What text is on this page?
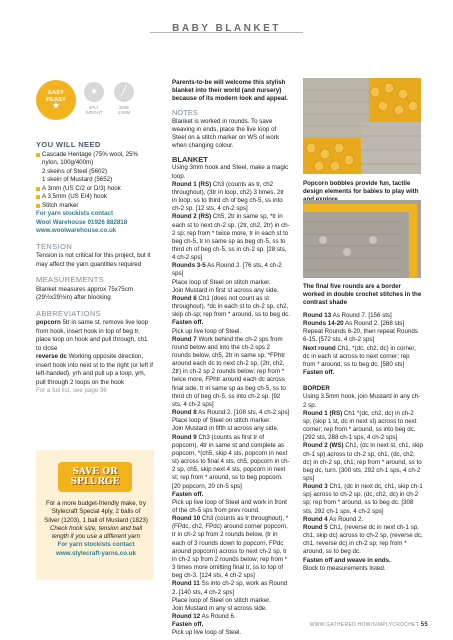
BABY BLANKET
EASY
PEASY
★
●
4PLY
WEIGHT
╱
3MM/
3.5MM
YOU WILL NEED
Cascade Heritage (75% wool, 25% nylon, 100g/400m)
2 skeins of Steel (5602)
1 skein of Mustard (5652)
A 3mm (US C/2 or D/3) hook
A 3.5mm (US E/4) hook
Stitch marker
For yarn stockists contact
Wool Warehouse 01926 882818
www.woolwarehouse.co.uk
TENSION
Tension is not critical for this project, but it may affect the yarn quantities required
MEASUREMENTS
Blanket measures approx 75x75cm (29½x29½in) after blocking
ABBREVIATIONS
popcorn 5tr in same st, remove live loop from hook, insert hook in top of beg tr, place loop on hook and pull through, ch1 to close
reverse dc Working opposite direction, insert hook into next st to the right (or left if left-handed), yrh and pull up a loop, yrh, pull through 2 loops on the hook
For a full list, see page 96
SAVE OR
SPLURGE
For a more budget-friendly make, try Stylecraft Special 4ply, 2 balls of Silver (1203), 1 ball of Mustard (1823)
Check hook size, tension and ball length if you use a different yarn
For yarn stockists contact
www.stylecraft-yarns.co.uk

Parents-to-be will welcome this stylish blanket into their world (and nursery) because of its modern look and appeal.

NOTES

Blanket is worked in rounds. To save weaving in ends, place the live loop of Steel on a stitch marker on WS of work when changing colour.

BLANKET

Using 3mm hook and Steel, make a magic loop.

Round 1 (RS) Ch3 (counts as tr, ch2 throughout), (3tr in loop, ch2) 3 times, 2tr in loop, ss to third ch of beg ch-5, ss into ch-2 sp. [12 sts, 4 ch-2 sps]

Round 2 (RS) Ch5, 2tr in same sp, *tr in each st to next ch-2 sp, (2tr, ch2, 2tr) in ch-2 sp; rep from * twice more, tr in each st to beg ch-5, tr in same sp as beg ch-5, ss to third ch of beg ch-5, ss in ch-2 sp. [28 sts, 4 ch-2 sps]

Rounds 3-5 As Round 2. [76 sts, 4 ch-2 sps]

Place loop of Steel on stitch marker.

Join Mustard in first st across any side.

Round 6 Ch1 (does not count as st throughout), *dc in each st to ch-2 sp, ch2, skip ch-sp; rep from * around, ss to beg dc.

Fasten off.

Pick up live loop of Steel.

Round 7 Work behind the ch-2 sps from round below and into the ch-2 sps 2 rounds below, ch5, 2tr in same sp, *FPhtr around each dc to next ch-2 sp, (2tr, ch2, 2tr) in ch-2 sp 2 rounds below; rep from * twice more, FPhtr around each dc across final side, tr in same sp as beg ch-5, ss to third ch of beg ch-5, ss into ch-2 sp. [92 sts, 4 ch-2 sps]

Round 8 As Round 2. [108 sts, 4 ch-2 sps]

Place loop of Steel on stitch marker.

Join Mustard in fifth st across any side.

Round 9 Ch3 (counts as first tr of popcorn), 4tr in same st and complete as popcorn, *(ch5, skip 4 sts, popcorn in next st) across to final 4 sts, ch5, popcorn in ch-2 sp, ch5, skip next 4 sts, popcorn in next st; rep from * around, ss to beg popcorn. [20 popcorn, 20 ch-5 sps]

Fasten off.

Pick up live loop of Steel and work in front of the ch-5 sps from prev round.

Round 10 Ch3 (counts as tr throughout), *(FPdc, ch2, FPdc) around corner popcorn, tr in ch-2 sp from 2 rounds below, (tr in each of 3 rounds down to popcorn, FPdc around popcorn) across to next ch-2 sp, tr in ch-2 sp from 2 rounds below; rep from * 3 times more omitting final tr, ss to top of beg ch-3. [124 sts, 4 ch-2 sps]

Round 11 Ss into ch-2 sp, work as Round 2. [140 sts, 4 ch-2 sps]

Place loop of Steel on stitch marker.

Join Mustard in any st across side.

Round 12 As Round 6.

Fasten off.

Pick up live loop of Steel.

Popcorn bobbles provide fun, tactile design elements for babies to play with

The final five rounds are a border worked in double crochet stitches in the contrast shade

Round 13 As Round 7. [156 sts]

Rounds 14-20 As Round 2. [268 sts]

Repeat Rounds 6-20, then repeat Rounds 6-15. [572 sts, 4 ch-2 sps]

Next round Ch1, *(dc, ch2, dc) in corner, dc in each st across to next corner; rep from * around, ss to beg dc. [580 sts]

Fasten off.

BORDER

Using 3.5mm hook, join Mustard in any ch-2 sp.

Round 1 (RS) Ch1 *(dc, ch2, dc) in ch-2 sp, (skip 1 st, dc in next st) across to next corner; rep from * around, ss into beg dc. [292 sts, 288 ch-1 sps, 4 ch-2 sps]

Round 2 (WS) Ch1, (dc in next st, ch1, skip ch-1 sp) across to ch-2 sp, ch1, (dc, ch2, dc) in ch-2 sp, ch1; rep from * around, ss to beg dc, turn. [300 sts, 292 ch-1 sps, 4 ch-2 sps]

Round 3 Ch1, (dc in next dc, ch1, skip ch-1 sp) across to ch-2 sp, (dc, ch2, dc) in ch-2 sp; rep from * around, ss to beg dc. [308 sts, 292 ch-1 sps, 4 ch-2 sps]

Round 4 As Round 2.

Round 5 Ch1, (reverse dc in next ch-1 sp, ch1, skip dc) across to ch-2 sp, (reverse dc, ch1, reverse dc) in ch-2 sp; rep from * around, ss to beg dc.

Fasten off and weave in ends.

Block to measurements listed.

WWW.GATHERED.HOW/SIMPLYCROCHET 55
